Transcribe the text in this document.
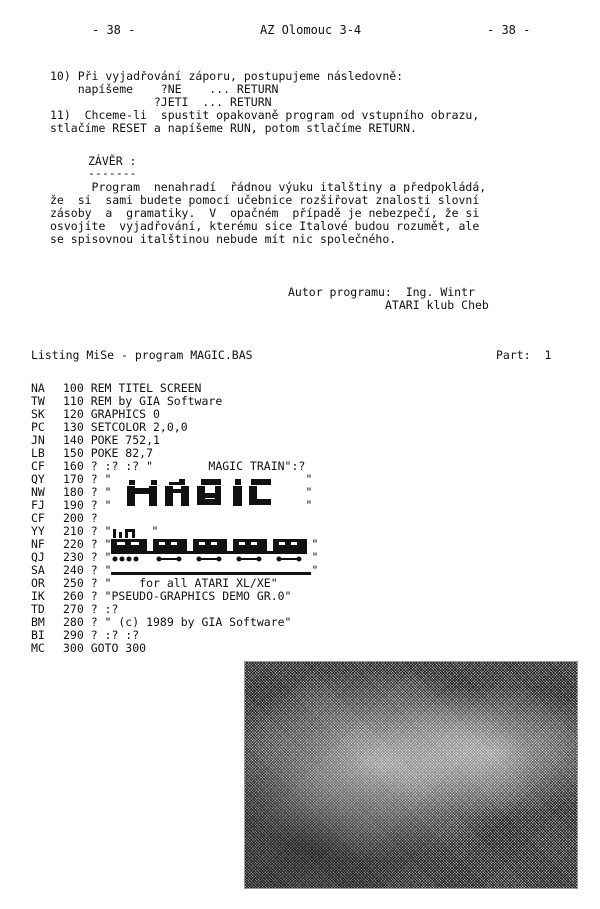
- 38 -	AZ Olomouc 3-4	- 38 -
10) Při vyjadřování záporu, postupujeme následovně:
napíšeme    ?NE    ... RETURN
?JETI  ... RETURN
11)  Chceme-li  spustit opakovaně program od vstupního obrazu,
stlačíme RESET a napíšeme RUN, potom stlačíme RETURN.
ZÁVĚR :
-------
Program  nenahradí  řádnou výuku italštiny a předpokládá,
že  si  sami budete pomocí učebnice rozšiřovat znalosti slovní
zásoby  a  gramatiky.  V  opačném  případě je nebezpečí, že si
osvojíte  vyjadřování, kterému sice Italové budou rozumět, ale
se spisovnou italštinou nebude mít nic společného.
Autor programu:  Ing. Wintr
ATARI klub Cheb
Listing MiSe - program MAGIC.BAS	Part:  1
NA	100 REM TITEL SCREEN
TW	110 REM by GIA Software
SK	120 GRAPHICS 0
PC	130 SETCOLOR 2,0,0
JN	140 POKE 752,1
LB	150 POKE 82,7
CF	160 ? :? :? "        MAGIC TRAIN":?
QY	170 ? "	"
NW	180 ? "	"
FJ	190 ? "	"
CF	200 ?
YY	210 ? "	"
NF	220 ? "	"
QJ	230 ? "	"
SA	240 ? "	"
OR	250 ? "    for all ATARI XL/XE"
IK	260 ? "PSEUDO-GRAPHICS DEMO GR.0"
TD	270 ? :?
BM	280 ? " (c) 1989 by GIA Software"
BI	290 ? :? :?
MC	300 GOTO 300
